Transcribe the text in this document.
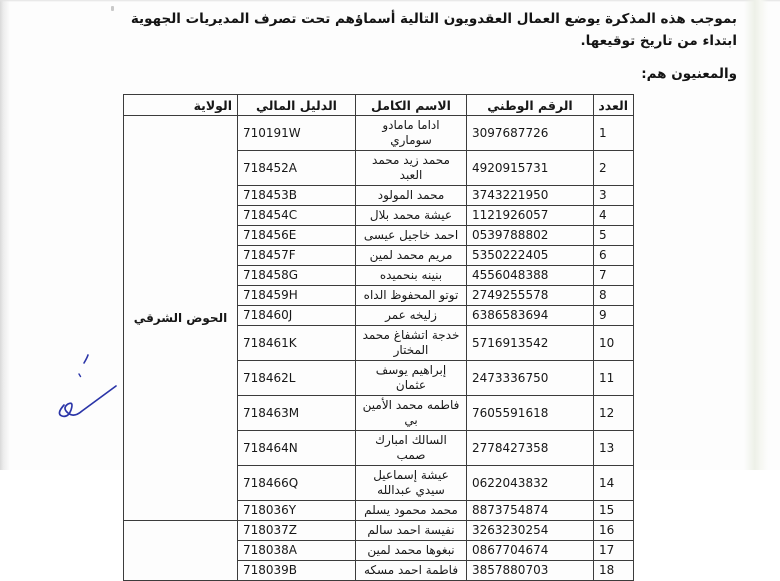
بموجب هذه المذكرة يوضع العمال العقدويون التالية أسماؤهم تحت تصرف المديريات الجهوية
ابتداء من تاريخ توقيعها.
والمعنيون هم:
العدد	الرقم الوطني	الاسم الكامل	الدليل المالي	الولاية
1	3097687726	اداما مامادو سوماري	710191W	الحوض الشرقي
2	4920915731	محمد زيد محمد العبد	718452A	
3	3743221950	محمد المولود	718453B	
4	1121926057	عيشة محمد بلال	718454C	
5	0539788802	احمد خاجيل عيسى	718456E	
6	5350222405	مريم محمد لمين	718457F	
7	4556048388	بنينه بنحميده	718458G	
8	2749255578	توتو المحفوظ الداه	718459H	
9	6386583694	زليخه عمر	718460J	
10	5716913542	خدجة اتشفاغ محمد المختار	718461K	
11	2473336750	إبراهيم يوسف عثمان	718462L	
12	7605591618	فاطمه محمد الأمين بي	718463M	
13	2778427358	السالك امبارك صمب	718464N	
14	0622043832	عيشة إسماعيل سيدي عبدالله	718466Q	
15	8873754874	محمد محمود يسلم	718036Y	
16	3263230254	نفيسة احمد سالم	718037Z	
17	0867704674	نبغوها محمد لمين	718038A	
18	3857880703	فاطمة احمد مسكه	718039B	
